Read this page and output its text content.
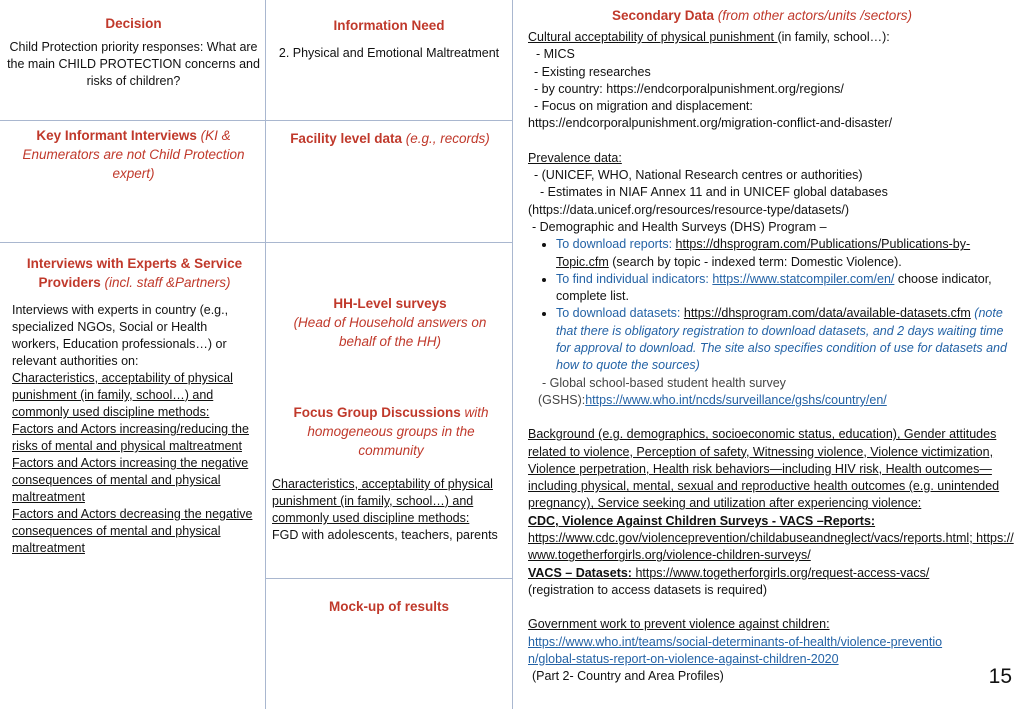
Decision
Child Protection priority responses: What are the main CHILD PROTECTION concerns and risks of children?
Key Informant Interviews (KI & Enumerators are not Child Protection expert)
Interviews with Experts & Service Providers (incl. staff &Partners)
Interviews with experts in country (e.g., specialized NGOs, Social or Health workers, Education professionals…) or relevant authorities on:
Characteristics, acceptability of physical punishment (in family, school…) and commonly used discipline methods:
Factors and Actors increasing/reducing the risks of mental and physical maltreatment
Factors and Actors increasing the negative consequences of mental and physical maltreatment
Factors and Actors decreasing the negative consequences of mental and physical maltreatment
Information Need
2. Physical and Emotional Maltreatment
Facility level data (e.g., records)
HH-Level surveys
(Head of Household answers on behalf of the HH)
Focus Group Discussions with homogeneous groups in the community
Characteristics, acceptability of physical punishment (in family, school…) and commonly used discipline methods:
FGD with adolescents, teachers, parents
Mock-up of results

Secondary Data (from other actors/units /sectors)

Cultural acceptability of physical punishment (in family, school…):

- MICS

- Existing researches

- by country: https://endcorporalpunishment.org/regions/

- Focus on migration and displacement:

https://endcorporalpunishment.org/migration-conflict-and-disaster/

Prevalence data:

- (UNICEF, WHO, National Research centres or authorities)

- Estimates in NIAF Annex 11 and in UNICEF global databases

(https://data.unicef.org/resources/resource-type/datasets/)

- Demographic and Health Surveys (DHS) Program –

• To download reports: https://dhsprogram.com/Publications/Publications-by-Topic.cfm (search by topic - indexed term: Domestic Violence).
• To find individual indicators: https://www.statcompiler.com/en/ choose indicator, complete list.
• To download datasets: https://dhsprogram.com/data/available-datasets.cfm (note that there is obligatory registration to download datasets, and 2 days waiting time for approval to download. The site also specifies condition of use for datasets and how to quote the sources)

- Global school-based student health survey

(GSHS):https://www.who.int/ncds/surveillance/gshs/country/en/

Background (e.g. demographics, socioeconomic status, education), Gender attitudes related to violence, Perception of safety, Witnessing violence, Violence victimization, Violence perpetration, Health risk behaviors—including HIV risk, Health outcomes—including physical, mental, sexual and reproductive health outcomes (e.g. unintended pregnancy), Service seeking and utilization after experiencing violence:

CDC, Violence Against Children Surveys - VACS –Reports:

https://www.cdc.gov/violenceprevention/childabuseandneglect/vacs/reports.html; https://www.togetherforgirls.org/violence-children-surveys/

VACS – Datasets: https://www.togetherforgirls.org/request-access-vacs/

(registration to access datasets is required)

Government work to prevent violence against children:

https://www.who.int/teams/social-determinants-of-health/violence-prevention/global-status-report-on-violence-against-children-2020

(Part 2- Country and Area Profiles)	15
